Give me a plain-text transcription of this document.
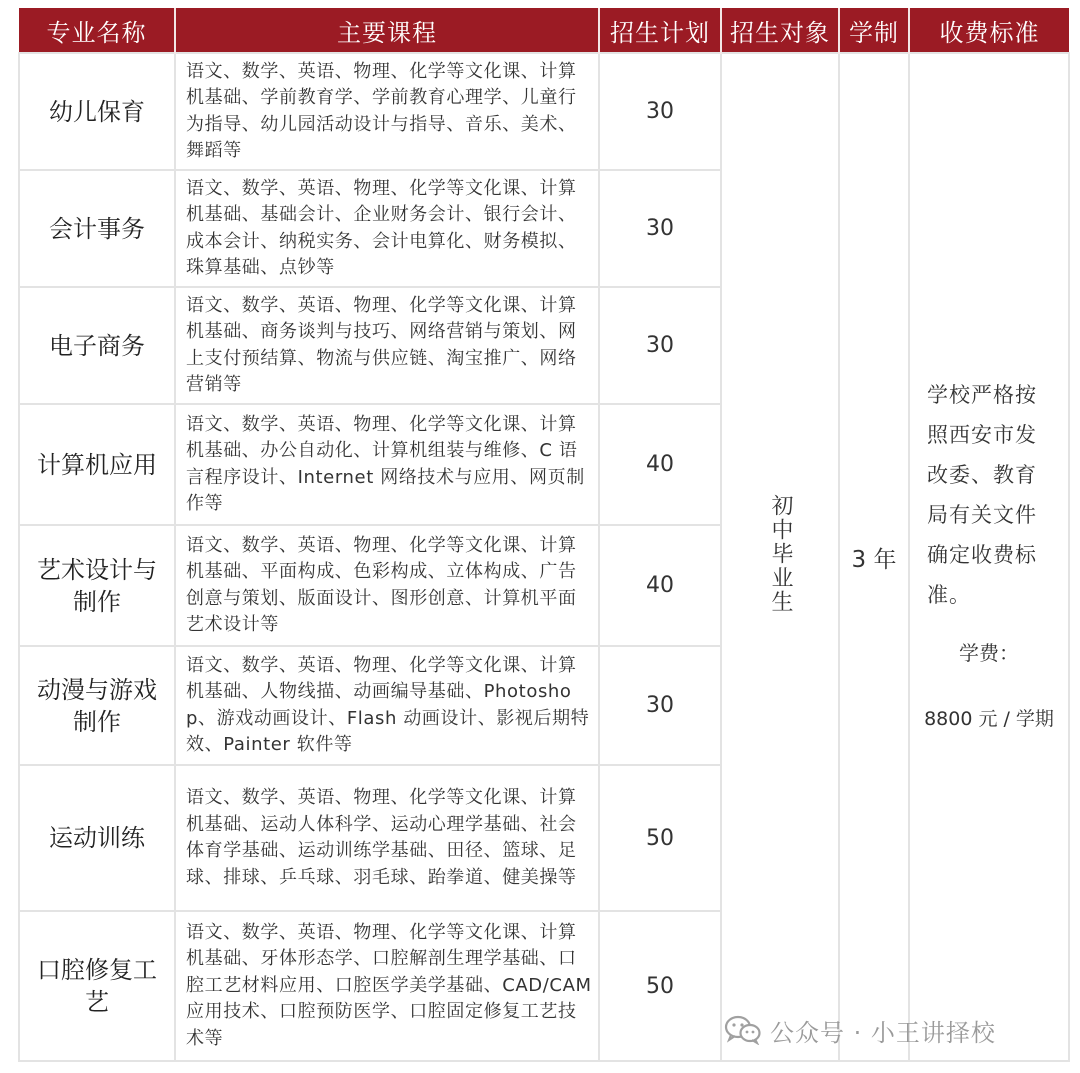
专业名称	主要课程	招生计划	招生对象	学制	收费标准
幼儿保育	语文、数学、英语、物理、化学等文化课、计算机基础、学前教育学、学前教育心理学、儿童行为指导、幼儿园活动设计与指导、音乐、美术、舞蹈等	30	初中毕业生	3 年	学校严格按照西安市发改委、教育局有关文件确定收费标准。
学费：
8800 元 / 学期

会计事务	语文、数学、英语、物理、化学等文化课、计算机基础、基础会计、企业财务会计、银行会计、成本会计、纳税实务、会计电算化、财务模拟、珠算基础、点钞等	30			
电子商务	语文、数学、英语、物理、化学等文化课、计算机基础、商务谈判与技巧、网络营销与策划、网上支付预结算、物流与供应链、淘宝推广、网络营销等	30			
计算机应用	语文、数学、英语、物理、化学等文化课、计算机基础、办公自动化、计算机组装与维修、C 语言程序设计、Internet 网络技术与应用、网页制作等	40			
艺术设计与制作	语文、数学、英语、物理、化学等文化课、计算机基础、平面构成、色彩构成、立体构成、广告创意与策划、版面设计、图形创意、计算机平面艺术设计等	40			
动漫与游戏制作	语文、数学、英语、物理、化学等文化课、计算机基础、人物线描、动画编导基础、Photoshop、游戏动画设计、Flash 动画设计、影视后期特效、Painter 软件等	30			
运动训练	语文、数学、英语、物理、化学等文化课、计算机基础、运动人体科学、运动心理学基础、社会体育学基础、运动训练学基础、田径、篮球、足球、排球、乒乓球、羽毛球、跆拳道、健美操等	50			
口腔修复工艺	语文、数学、英语、物理、化学等文化课、计算机基础、牙体形态学、口腔解剖生理学基础、口腔工艺材料应用、口腔医学美学基础、CAD/CAM 应用技术、口腔预防医学、口腔固定修复工艺技术等	50			
公众号 · 小王讲择校
